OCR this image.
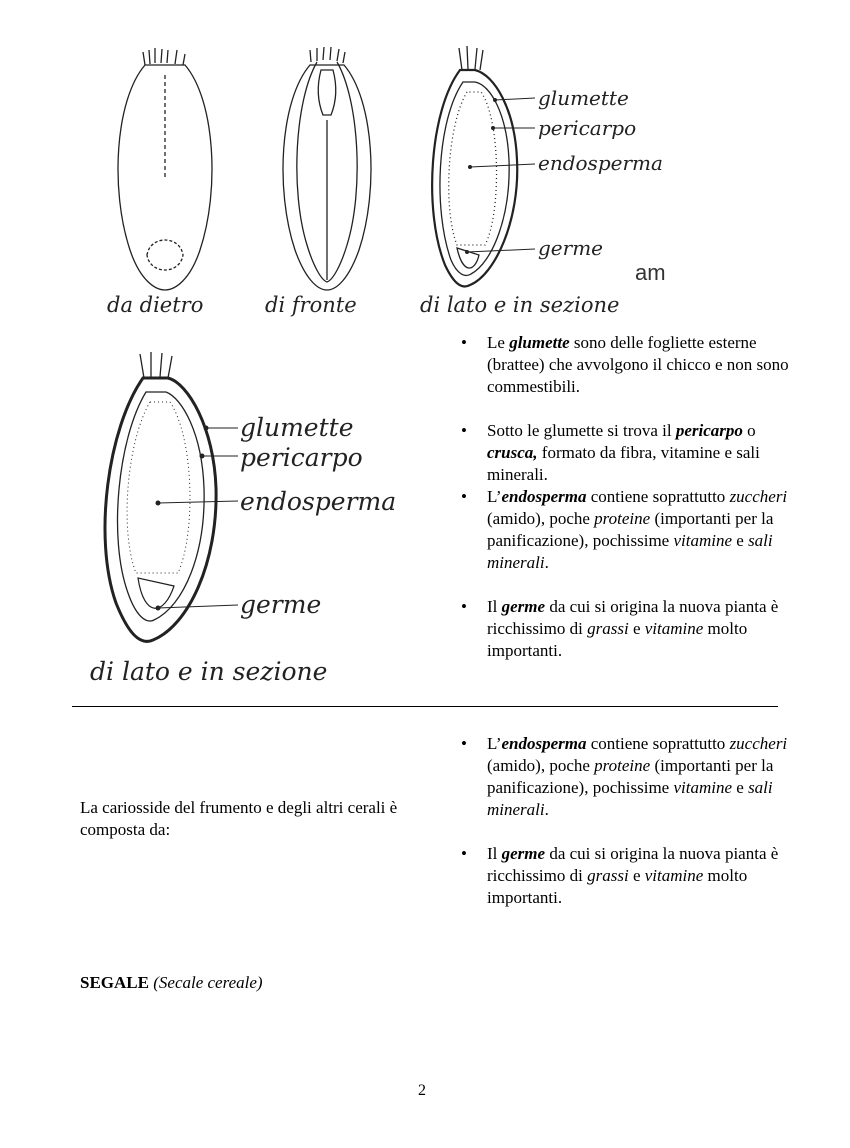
glumette
pericarpo
endosperma
germe
am
da dietro	di fronte	di lato e in sezione
glumette
pericarpo
endosperma
germe
di lato e in sezione
• Le glumette sono delle fogliette esterne (brattee) che avvolgono il chicco e non sono commestibili.
• Sotto le glumette si trova il pericarpo o crusca, formato da fibra, vitamine e sali minerali.
• L’endosperma contiene soprattutto zuccheri (amido), poche proteine (importanti per la panificazione), pochissime vitamine e sali minerali.
• Il germe da cui si origina la nuova pianta è ricchissimo di grassi e vitamine molto importanti.
• L’endosperma contiene soprattutto zuccheri (amido), poche proteine (importanti per la panificazione), pochissime vitamine e sali minerali.
• Il germe da cui si origina la nuova pianta è ricchissimo di grassi e vitamine molto importanti.
La cariosside del frumento e degli altri cerali è composta da:
SEGALE (Secale cereale)
2
